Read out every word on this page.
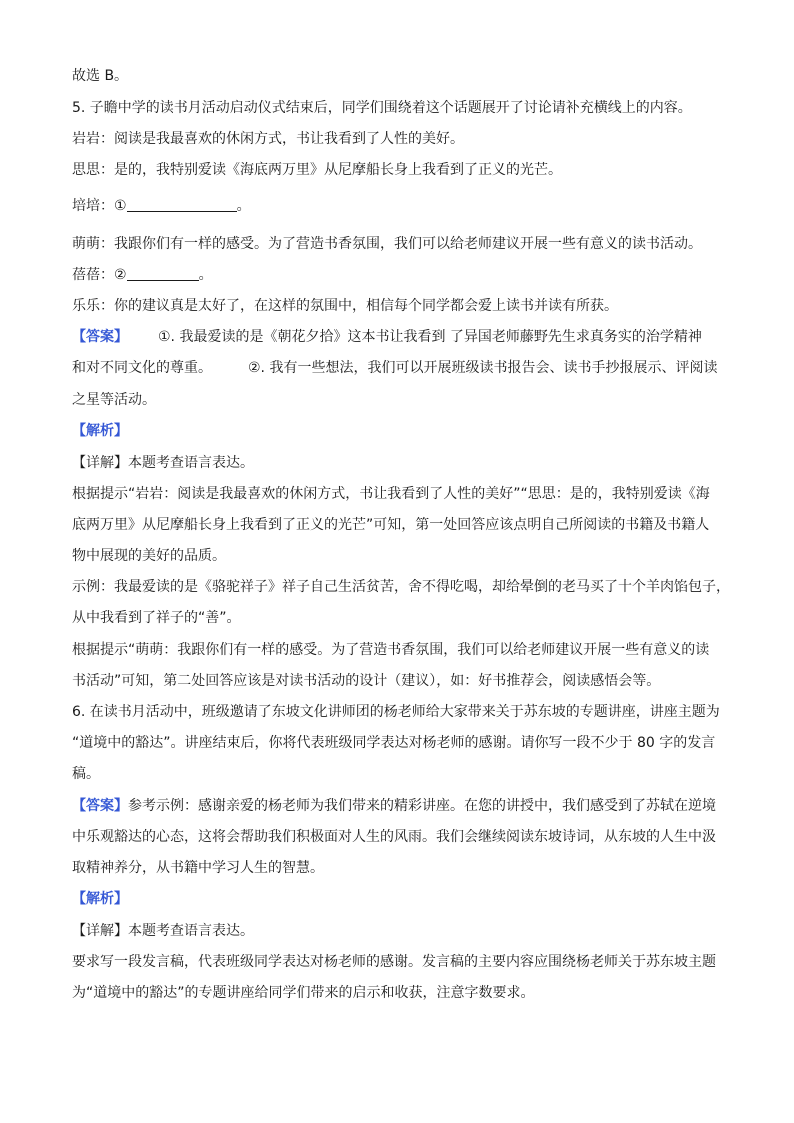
故选 B。
5. 子瞻中学的读书月活动启动仪式结束后，同学们围绕着这个话题展开了讨论请补充横线上的内容。
岩岩：阅读是我最喜欢的休闲方式，书让我看到了人性的美好。
思思：是的，我特别爱读《海底两万里》从尼摩船长身上我看到了正义的光芒。
培培：①	。
萌萌：我跟你们有一样的感受。为了营造书香氛围，我们可以给老师建议开展一些有意义的读书活动。
蓓蓓：②	。
乐乐：你的建议真是太好了，在这样的氛围中，相信每个同学都会爱上读书并读有所获。
【答案】 ①. 我最爱读的是《朝花夕拾》这本书让我看到 了异国老师藤野先生求真务实的治学精神
和对不同文化的尊重。	②. 我有一些想法，我们可以开展班级读书报告会、读书手抄报展示、评阅读
之星等活动。
【解析】
【详解】本题考查语言表达。
根据提示“岩岩：阅读是我最喜欢的休闲方式，书让我看到了人性的美好”“思思：是的，我特别爱读《海
底两万里》从尼摩船长身上我看到了正义的光芒”可知，第一处回答应该点明自己所阅读的书籍及书籍人
物中展现的美好的品质。
示例：我最爱读的是《骆驼祥子》祥子自己生活贫苦，舍不得吃喝，却给晕倒的老马买了十个羊肉馅包子，
从中我看到了祥子的“善”。
根据提示“萌萌：我跟你们有一样的感受。为了营造书香氛围，我们可以给老师建议开展一些有意义的读
书活动”可知，第二处回答应该是对读书活动的设计（建议），如：好书推荐会，阅读感悟会等。
6. 在读书月活动中，班级邀请了东坡文化讲师团的杨老师给大家带来关于苏东坡的专题讲座，讲座主题为
“道境中的豁达”。讲座结束后，你将代表班级同学表达对杨老师的感谢。请你写一段不少于 80 字的发言
稿。
【答案】参考示例：感谢亲爱的杨老师为我们带来的精彩讲座。在您的讲授中，我们感受到了苏轼在逆境
中乐观豁达的心态，这将会帮助我们积极面对人生的风雨。我们会继续阅读东坡诗词，从东坡的人生中汲
取精神养分，从书籍中学习人生的智慧。
【解析】
【详解】本题考查语言表达。
要求写一段发言稿，代表班级同学表达对杨老师的感谢。发言稿的主要内容应围绕杨老师关于苏东坡主题
为“道境中的豁达”的专题讲座给同学们带来的启示和收获，注意字数要求。
